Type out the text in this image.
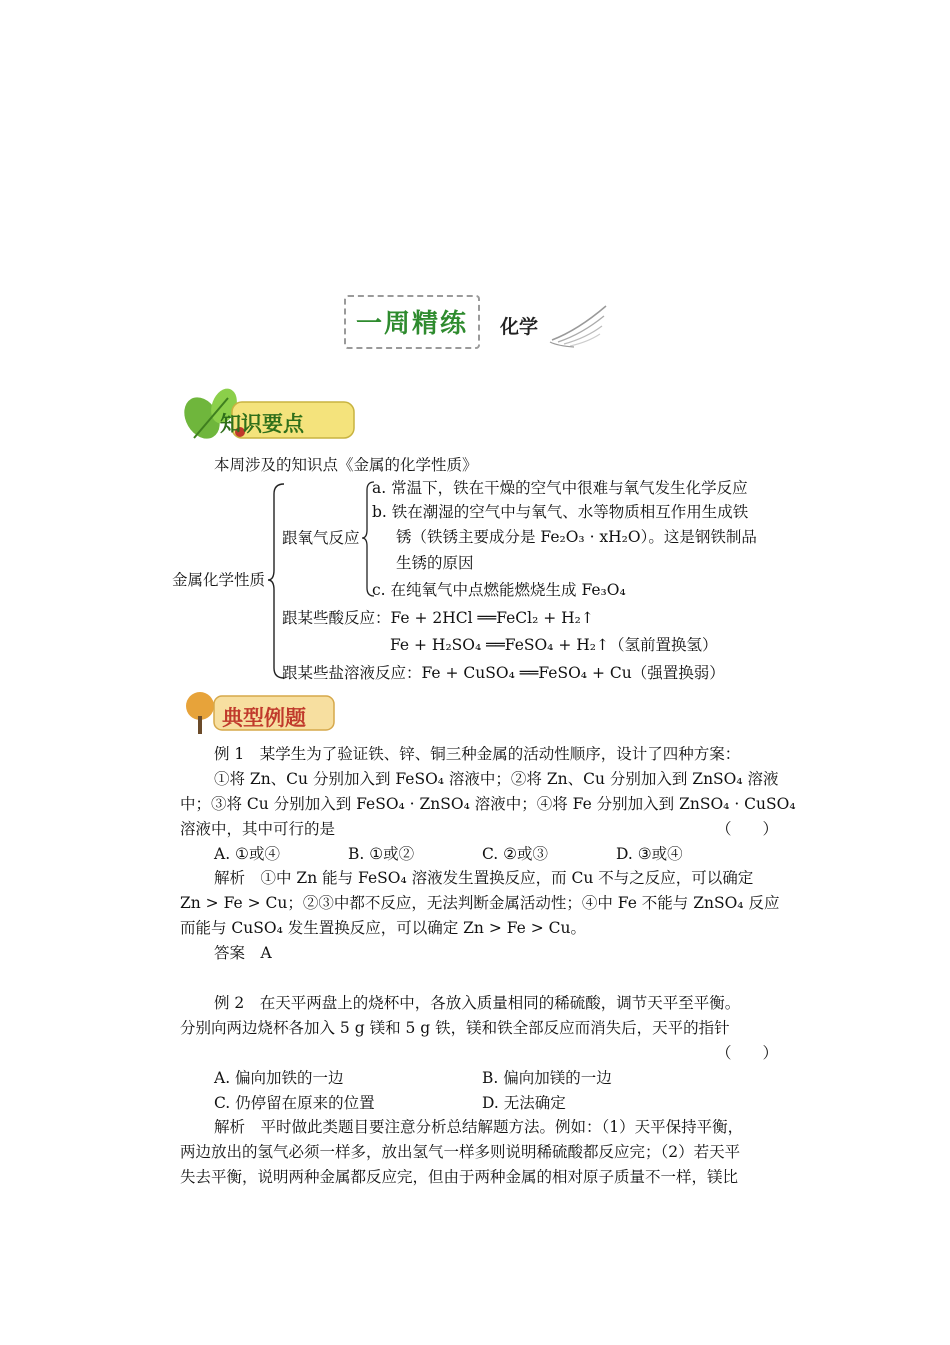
一周精练 化学
知识要点
本周涉及的知识点《金属的化学性质》
金属化学性质
跟氧气反应
a. 常温下，铁在干燥的空气中很难与氧气发生化学反应
b. 铁在潮湿的空气中与氧气、水等物质相互作用生成铁
锈（铁锈主要成分是 Fe₂O₃ · xH₂O）。这是钢铁制品
生锈的原因
c. 在纯氧气中点燃能燃烧生成 Fe₃O₄
跟某些酸反应：Fe + 2HCl ══FeCl₂ + H₂↑
Fe + H₂SO₄ ══FeSO₄ + H₂↑（氢前置换氢）
跟某些盐溶液反应：Fe + CuSO₄ ══FeSO₄ + Cu（强置换弱）
典型例题
例 1　某学生为了验证铁、锌、铜三种金属的活动性顺序，设计了四种方案：
①将 Zn、Cu 分别加入到 FeSO₄ 溶液中；②将 Zn、Cu 分别加入到 ZnSO₄ 溶液
中；③将 Cu 分别加入到 FeSO₄ · ZnSO₄ 溶液中；④将 Fe 分别加入到 ZnSO₄ · CuSO₄
溶液中，其中可行的是	（　　）
A. ①或④	B. ①或②	C. ②或③	D. ③或④
解析　①中 Zn 能与 FeSO₄ 溶液发生置换反应，而 Cu 不与之反应，可以确定
Zn > Fe > Cu；②③中都不反应，无法判断金属活动性；④中 Fe 不能与 ZnSO₄ 反应
而能与 CuSO₄ 发生置换反应，可以确定 Zn > Fe > Cu。
答案　A
例 2　在天平两盘上的烧杯中，各放入质量相同的稀硫酸，调节天平至平衡。
分别向两边烧杯各加入 5 g 镁和 5 g 铁，镁和铁全部反应而消失后，天平的指针
（　　）
A. 偏向加铁的一边	B. 偏向加镁的一边
C. 仍停留在原来的位置	D. 无法确定
解析　平时做此类题目要注意分析总结解题方法。例如：（1）天平保持平衡，
两边放出的氢气必须一样多，放出氢气一样多则说明稀硫酸都反应完；（2）若天平
失去平衡，说明两种金属都反应完，但由于两种金属的相对原子质量不一样，镁比
